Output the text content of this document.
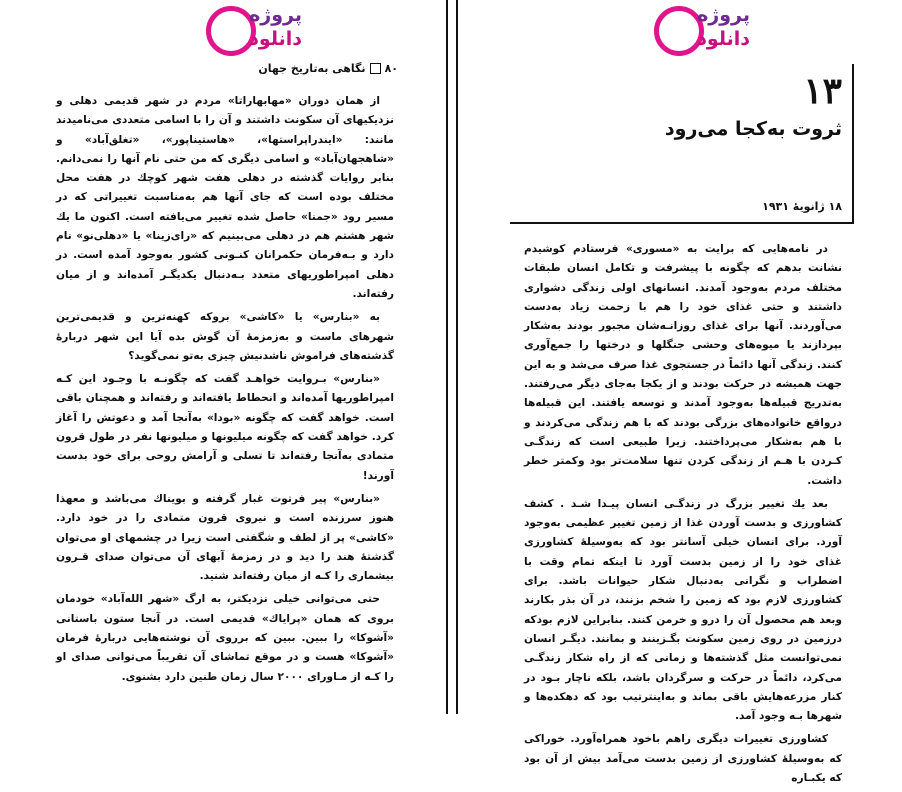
پروژه
دانلود
۸۰
نگاهی به‌تاریخ جهان

از همان دوران «مهابهاراتا» مردم در شهر قدیمی دهلی و نزدیکیهای آن سکونت داشتند و آن را با اسامی متعددی می‌نامیدند مانند: «ایندراپراستها»، «هاستیناپور»، «تغلق‌آباد» و «شاهجهان‌آباد» و اسامی دیگری که من حتی نام آنها را نمی‌دانم. بنابر روایات گذشته در دهلی هفت شهر کوچك در هفت محل مختلف بوده است که جای آنها هم به‌مناسبت تغییراتی که در مسیر رود «جمنا» حاصل شده تغییر می‌یافته است. اکنون ما یك شهر هشتم هم در دهلی می‌بینیم که «رای‌زینا» یا «دهلی‌نو» نام دارد و بـه‌فرمان حکمرانان کنـونی کشور به‌وجود آمده است. در دهلی امپراطوریهای متعدد بـه‌دنبال یکدیگـر آمده‌اند و از میان رفته‌اند.

به «بنارس» یا «کاشی» بروکه کهنه‌ترین و قدیمی‌ترین شهرهای ماست و به‌زمزمهٔ آن گوش بده آیا این شهر دربارهٔ گذشته‌های فراموش‌ ناشدنیش چیزی به‌تو نمی‌گوید؟

«بنارس» بـروایت خواهـد گفت که چگونـه با وجـود این کـه امپراطوریها آمده‌اند و انحطاط یافته‌اند و رفته‌اند و همچنان باقی است. خواهد گفت که چگونه «بودا» به‌آنجا آمد و دعوتش را آغاز کرد. خواهد گفت که چگونه میلیونها و میلیونها نفر در طول قرون متمادی به‌آنجا رفته‌اند تا تسلی و آرامش روحی برای خود بدست آورند!

«بنارس» پیر فرتوت غبار گرفته و بویناك می‌باشد و معهذا هنوز سرزنده است و نیروی قرون متمادی را در خود دارد. «کاشی» پر از لطف و شگفتی است زیرا در چشمهای او می‌توان گذشتهٔ هند را دید و در زمزمهٔ آبهای آن می‌توان صدای قـرون بیشماری را کـه از میان رفته‌اند شنید.

حتی می‌توانی خیلی نزدیکتر، به ارگ «شهر الله‌آباد» خودمان بروی که همان «پرایاك» قدیمی است. در آنجا ستون باستانی «آشوکا» را ببین. ببین که برروی آن نوشته‌هایی دربارهٔ فرمان «آشوکا» هست و در موقع تماشای آن تقریباً می‌توانی صدای او را کـه از مـاورای ۲۰۰۰ سال زمان طنین دارد بشنوی.

پروژه
دانلود
۱۳
ثروت به‌کجا می‌رود
۱۸ ژانویهٔ ۱۹۳۱

در نامه‌هایی که برایت به «مسوری» فرستادم کوشیدم نشانت بدهم که چگونه با پیشرفت و تکامل انسان طبقات مختلف مردم به‌وجود آمدند. انسانهای اولی زندگی دشواری داشتند و حتی غذای خود را هم با زحمت زیاد به‌دست می‌آوردند. آنها برای غذای روزانـه‌شان مجبور بودند به‌شکار بپردازند یا میوه‌های وحشی جنگلها و درختها را جمع‌آوری کنند. زندگی آنها دائماً در جستجوی غذا صرف می‌شد و به این جهت همیشه در حرکت بودند و از یکجا به‌جای دیگر می‌رفتند. به‌تدریج قبیله‌ها به‌وجود آمدند و توسعه یافتند. این قبیله‌ها درواقع خانواده‌های بزرگی بودند که با هم زندگی می‌کردند و با هم به‌شکار می‌پرداختند. زیرا طبیعی است که زندگـی کـردن با هـم از زندگی کردن تنها سلامت‌تر بود وکمتر خطر داشت.

بعد یك تغییر بزرگ در زندگـی انسان پیـدا شـد . کشف کشاورزی و بدست آوردن غذا از زمین تغییر عظیمی به‌وجود آورد. برای انسان خیلی آسانتر بود که به‌وسیلهٔ کشاورزی غذای خود را از زمین بدست آورد تا اینکه تمام وقت با اضطراب و نگرانی به‌دنبال شکار حیوانات باشد. برای کشاورزی لازم بود که زمین را شخم بزنند، در آن بذر بکارند وبعد هم محصول آن را درو و خرمن کنند. بنابراین لازم بودکه درزمین در روی زمین سکونت بگـزینند و بمانند. دیگـر انسان نمی‌توانست مثل گذشته‌ها و زمانی که از راه شکار زندگـی می‌کرد، دائماً در حرکت و سرگردان باشد، بلکه ناچار بـود در کنار مزرعه‌هایش باقی بماند و به‌اینترتیب بود که دهکده‌ها و شهرها بـه وجود آمد.

کشاورزی تغییرات دیگری راهم باخود همراه‌آورد. خوراکی که به‌وسیلهٔ کشاورزی از زمین بدست می‌آمد بیش از آن بود که یکبـاره
